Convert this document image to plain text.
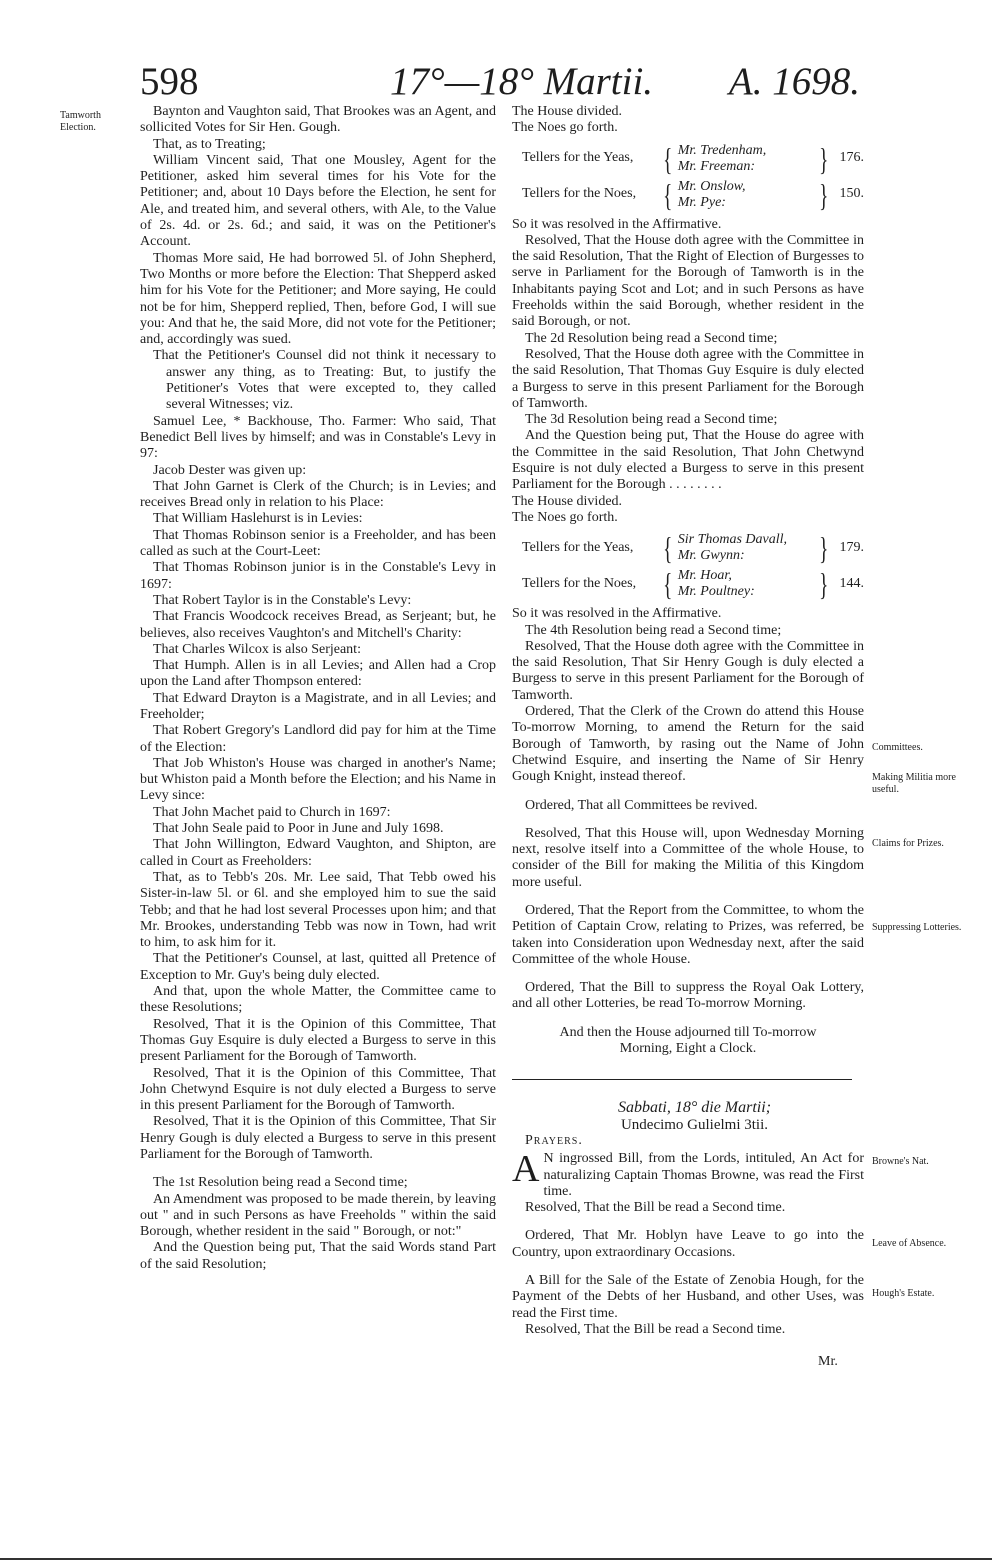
598	17°—18° Martii. A. 1698.
Tamworth Election.
Committees.
Making Militia more useful.
Claims for Prizes.
Suppressing Lotteries.
Browne's Nat.
Leave of Absence.
Hough's Estate.

Baynton and Vaughton said, That Brookes was an Agent, and sollicited Votes for Sir Hen. Gough.

That, as to Treating;

William Vincent said, That one Mousley, Agent for the Petitioner, asked him several times for his Vote for the Petitioner; and, about 10 Days before the Election, he sent for Ale, and treated him, and several others, with Ale, to the Value of 2s. 4d. or 2s. 6d.; and said, it was on the Petitioner's Account.

Thomas More said, He had borrowed 5l. of John Shepherd, Two Months or more before the Election: That Shepperd asked him for his Vote for the Petitioner; and More saying, He could not be for him, Shepperd replied, Then, before God, I will sue you: And that he, the said More, did not vote for the Petitioner; and, accordingly was sued.

That the Petitioner's Counsel did not think it necessary to answer any thing, as to Treating: But, to justify the Petitioner's Votes that were excepted to, they called several Witnesses; viz.

Samuel Lee, * Backhouse, Tho. Farmer: Who said, That Benedict Bell lives by himself; and was in Constable's Levy in 97:

Jacob Dester was given up:

That John Garnet is Clerk of the Church; is in Levies; and receives Bread only in relation to his Place:

That William Haslehurst is in Levies:

That Thomas Robinson senior is a Freeholder, and has been called as such at the Court-Leet:

That Thomas Robinson junior is in the Constable's Levy in 1697:

That Robert Taylor is in the Constable's Levy:

That Francis Woodcock receives Bread, as Serjeant; but, he believes, also receives Vaughton's and Mitchell's Charity:

That Charles Wilcox is also Serjeant:

That Humph. Allen is in all Levies; and Allen had a Crop upon the Land after Thompson entered:

That Edward Drayton is a Magistrate, and in all Levies; and Freeholder;

That Robert Gregory's Landlord did pay for him at the Time of the Election:

That Job Whiston's House was charged in another's Name; but Whiston paid a Month before the Election; and his Name in Levy since:

That John Machet paid to Church in 1697:

That John Seale paid to Poor in June and July 1698.

That John Willington, Edward Vaughton, and Shipton, are called in Court as Freeholders:

That, as to Tebb's 20s. Mr. Lee said, That Tebb owed his Sister-in-law 5l. or 6l. and she employed him to sue the said Tebb; and that he had lost several Processes upon him; and that Mr. Brookes, understanding Tebb was now in Town, had writ to him, to ask him for it.

That the Petitioner's Counsel, at last, quitted all Pretence of Exception to Mr. Guy's being duly elected.

And that, upon the whole Matter, the Committee came to these Resolutions;

Resolved, That it is the Opinion of this Committee, That Thomas Guy Esquire is duly elected a Burgess to serve in this present Parliament for the Borough of Tamworth.

Resolved, That it is the Opinion of this Committee, That John Chetwynd Esquire is not duly elected a Burgess to serve in this present Parliament for the Borough of Tamworth.

Resolved, That it is the Opinion of this Committee, That Sir Henry Gough is duly elected a Burgess to serve in this present Parliament for the Borough of Tamworth.

The 1st Resolution being read a Second time;

An Amendment was proposed to be made therein, by leaving out " and in such Persons as have Freeholds " within the said Borough, whether resident in the said " Borough, or not:"

And the Question being put, That the said Words stand Part of the said Resolution;

The House divided.

The Noes go forth.

Tellers for the Yeas, { Mr. Tredenham,
Mr. Freeman:	} 176.
Tellers for the Noes, { Mr. Onslow,
Mr. Pye:	} 150.

So it was resolved in the Affirmative.

Resolved, That the House doth agree with the Committee in the said Resolution, That the Right of Election of Burgesses to serve in Parliament for the Borough of Tamworth is in the Inhabitants paying Scot and Lot; and in such Persons as have Freeholds within the said Borough, whether resident in the said Borough, or not.

The 2d Resolution being read a Second time;

Resolved, That the House doth agree with the Committee in the said Resolution, That Thomas Guy Esquire is duly elected a Burgess to serve in this present Parliament for the Borough of Tamworth.

The 3d Resolution being read a Second time;

And the Question being put, That the House do agree with the Committee in the said Resolution, That John Chetwynd Esquire is not duly elected a Burgess to serve in this present Parliament for the Borough . . . . . . . .

The House divided.

The Noes go forth.

Tellers for the Yeas, { Sir Thomas Davall,
Mr. Gwynn:	} 179.
Tellers for the Noes, { Mr. Hoar,
Mr. Poultney:	} 144.

So it was resolved in the Affirmative.

The 4th Resolution being read a Second time;

Resolved, That the House doth agree with the Committee in the said Resolution, That Sir Henry Gough is duly elected a Burgess to serve in this present Parliament for the Borough of Tamworth.

Ordered, That the Clerk of the Crown do attend this House To-morrow Morning, to amend the Return for the said Borough of Tamworth, by rasing out the Name of John Chetwind Esquire, and inserting the Name of Sir Henry Gough Knight, instead thereof.

Ordered, That all Committees be revived.

Resolved, That this House will, upon Wednesday Morning next, resolve itself into a Committee of the whole House, to consider of the Bill for making the Militia of this Kingdom more useful.

Ordered, That the Report from the Committee, to whom the Petition of Captain Crow, relating to Prizes, was referred, be taken into Consideration upon Wednesday next, after the said Committee of the whole House.

Ordered, That the Bill to suppress the Royal Oak Lottery, and all other Lotteries, be read To-morrow Morning.

And then the House adjourned till To-morrow Morning, Eight a Clock.

Sabbati, 18° die Martii;

Undecimo Gulielmi 3tii.

Prayers.

A N ingrossed Bill, from the Lords, intituled, An Act for naturalizing Captain Thomas Browne, was read the First time.

Resolved, That the Bill be read a Second time.

Ordered, That Mr. Hoblyn have Leave to go into the Country, upon extraordinary Occasions.

A Bill for the Sale of the Estate of Zenobia Hough, for the Payment of the Debts of her Husband, and other Uses, was read the First time.

Resolved, That the Bill be read a Second time.

Mr.
